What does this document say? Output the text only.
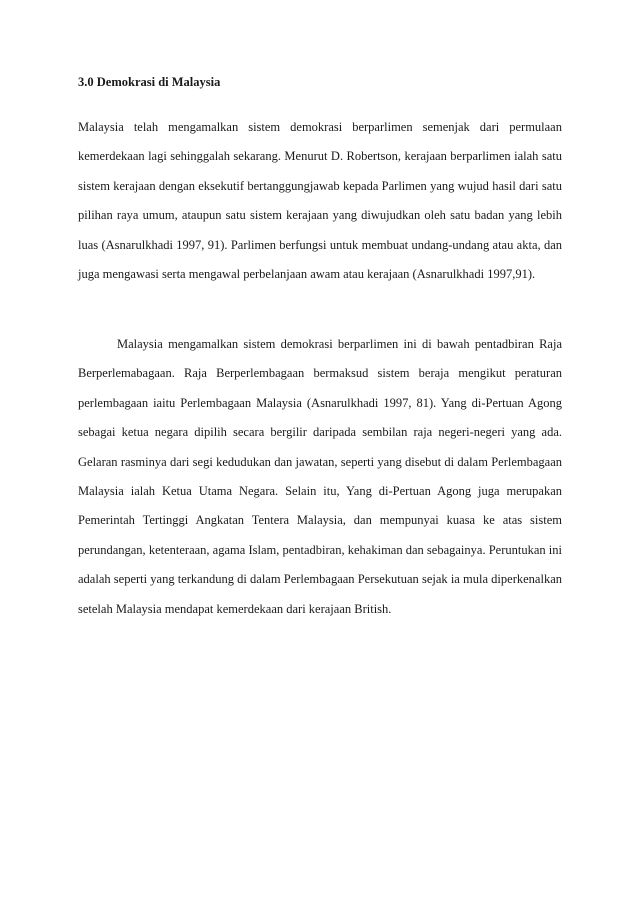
3.0 Demokrasi di Malaysia

Malaysia telah mengamalkan sistem demokrasi berparlimen semenjak dari permulaan kemerdekaan lagi sehinggalah sekarang. Menurut D. Robertson, kerajaan berparlimen ialah satu sistem kerajaan dengan eksekutif bertanggungjawab kepada Parlimen yang wujud hasil dari satu pilihan raya umum, ataupun satu sistem kerajaan yang diwujudkan oleh satu badan yang lebih luas (Asnarulkhadi 1997, 91). Parlimen berfungsi untuk membuat undang-undang atau akta, dan juga mengawasi serta mengawal perbelanjaan awam atau kerajaan (Asnarulkhadi 1997,91).

Malaysia mengamalkan sistem demokrasi berparlimen ini di bawah pentadbiran Raja Berperlemabagaan. Raja Berperlembagaan bermaksud sistem beraja mengikut peraturan perlembagaan iaitu Perlembagaan Malaysia (Asnarulkhadi 1997, 81). Yang di-Pertuan Agong sebagai ketua negara dipilih secara bergilir daripada sembilan raja negeri-negeri yang ada. Gelaran rasminya dari segi kedudukan dan jawatan, seperti yang disebut di dalam Perlembagaan Malaysia ialah Ketua Utama Negara. Selain itu, Yang di-Pertuan Agong juga merupakan Pemerintah Tertinggi Angkatan Tentera Malaysia, dan mempunyai kuasa ke atas sistem perundangan, ketenteraan, agama Islam, pentadbiran, kehakiman dan sebagainya. Peruntukan ini adalah seperti yang terkandung di dalam Perlembagaan Persekutuan sejak ia mula diperkenalkan setelah Malaysia mendapat kemerdekaan dari kerajaan British.
